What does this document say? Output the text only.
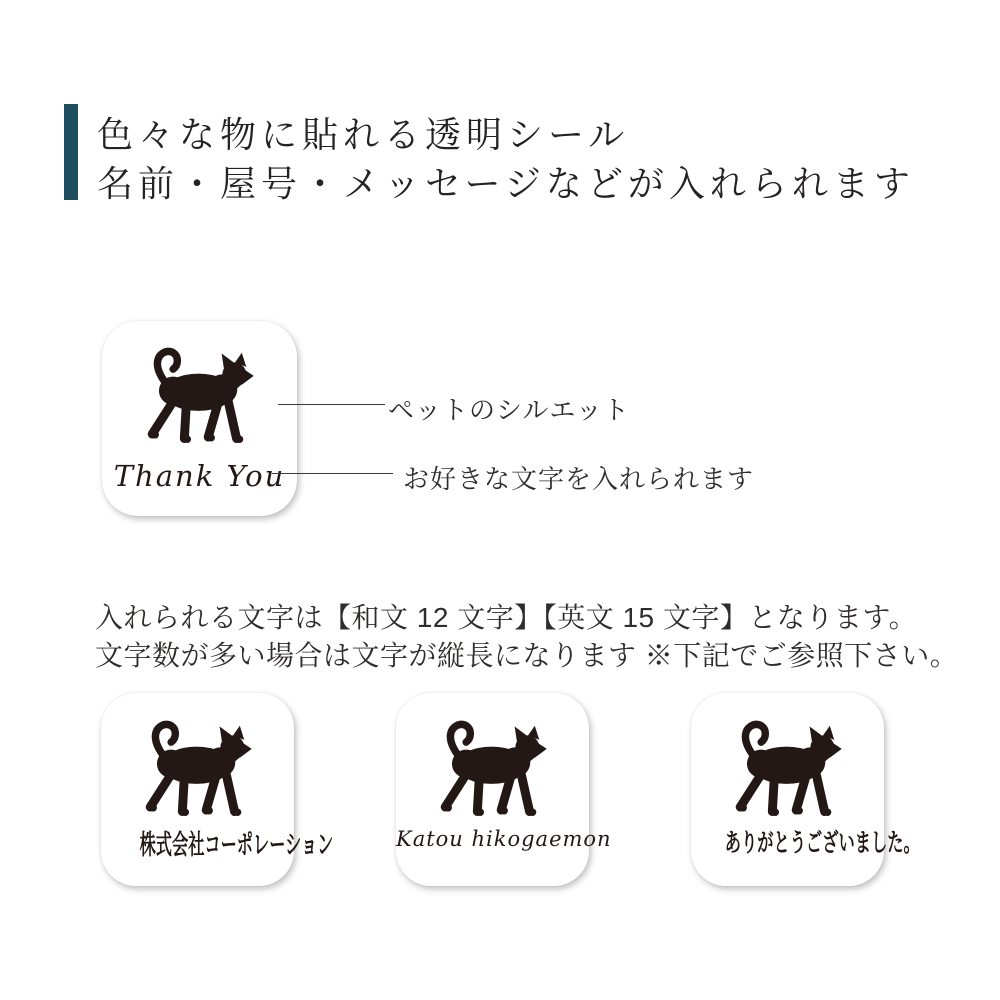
色々な物に貼れる透明シール
名前・屋号・メッセージなどが入れられます
Thank You
ペットのシルエット
お好きな文字を入れられます
入れられる文字は【和文 12 文字】【英文 15 文字】となります。
文字数が多い場合は文字が縦長になります ※下記でご参照下さい。
株式会社コーポレーション	Katou hikogaemon	ありがとうございました。
